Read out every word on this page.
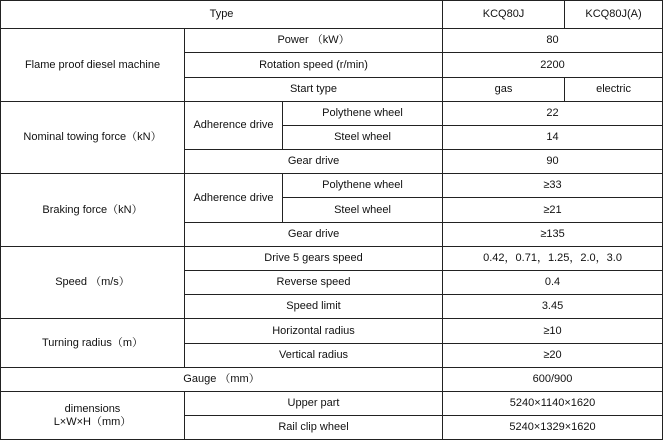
Type			KCQ80J	KCQ80J(A)
Flame proof diesel machine	Power （kW）		80	
	Rotation speed (r/min)		2200	
	Start type		gas	electric
Nominal towing force（kN）	Adherence drive	Polythene wheel	22	
		Steel wheel	14	
	Gear drive		90	
Braking force（kN）	Adherence drive	Polythene wheel	≥33	
		Steel wheel	≥21	
	Gear drive		≥135	
Speed （m/s）	Drive 5 gears speed		0.42，0.71，1.25，2.0，3.0	
	Reverse speed		0.4	
	Speed limit		3.45	
Turning radius（m）	Horizontal radius		≥10	
	Vertical radius		≥20	
Gauge （mm）			600/900	

dimensions
L×W×H（mm）	Upper part		5240×1140×1620	
	Rail clip wheel		5240×1329×1620	
